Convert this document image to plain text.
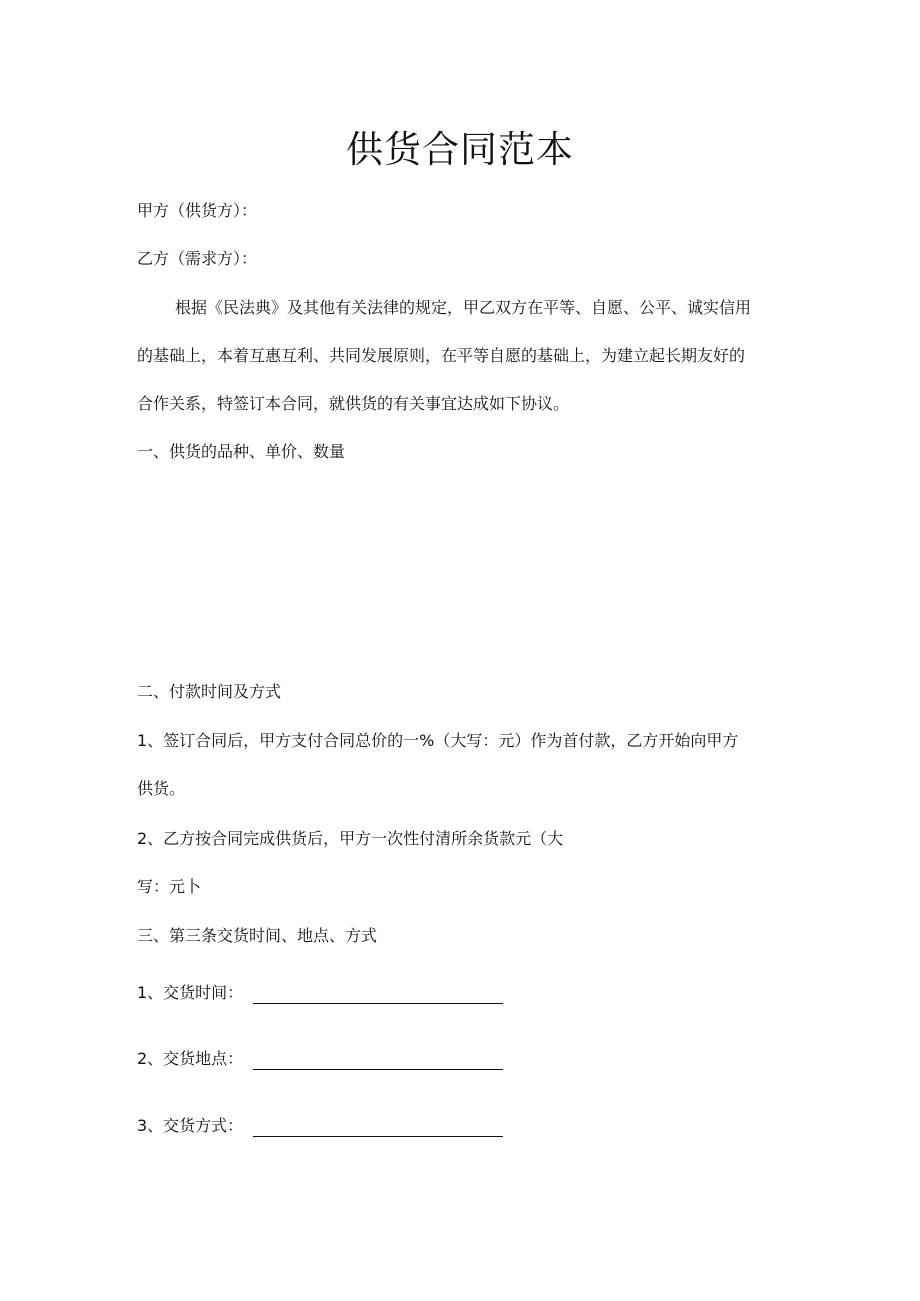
供货合同范本

甲方（供货方）：

乙方（需求方）：

根据《民法典》及其他有关法律的规定，甲乙双方在平等、自愿、公平、诚实信用

的基础上，本着互惠互利、共同发展原则，在平等自愿的基础上，为建立起长期友好的

合作关系，特签订本合同，就供货的有关事宜达成如下协议。

一、供货的品种、单价、数量

二、付款时间及方式

1、签订合同后，甲方支付合同总价的一%（大写：元）作为首付款，乙方开始向甲方

供货。

2、乙方按合同完成供货后，甲方一次性付清所余货款元（大

写：元卜

三、第三条交货时间、地点、方式

1、交货时间：

2、交货地点：

3、交货方式：
